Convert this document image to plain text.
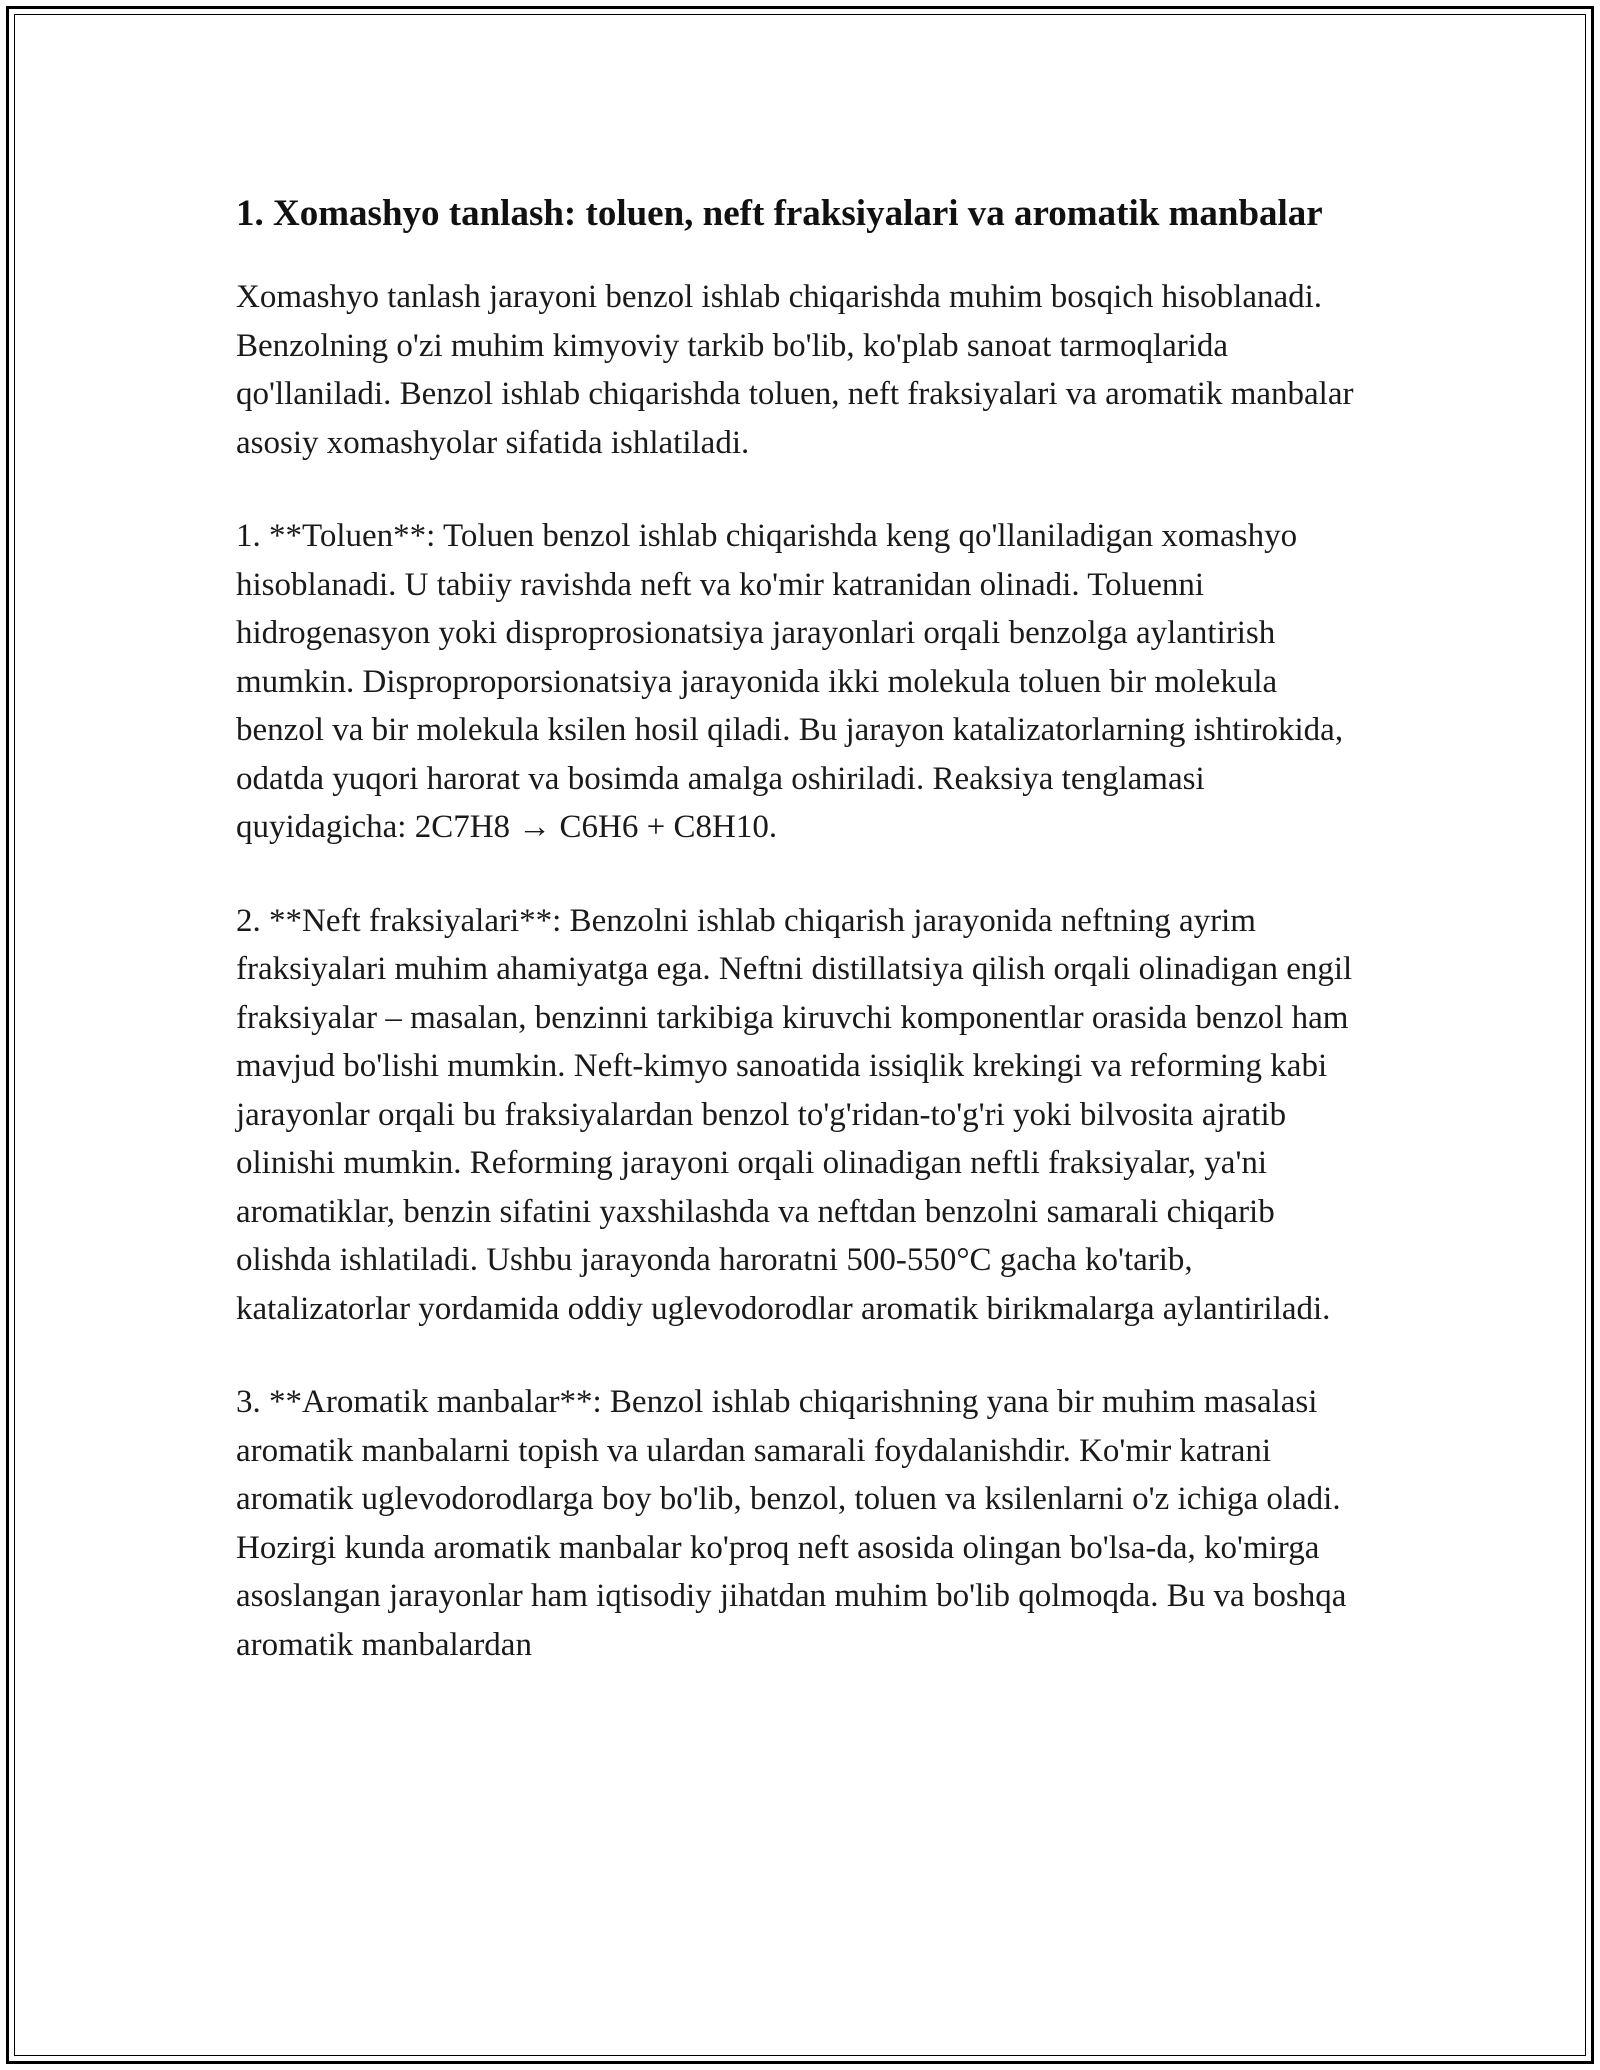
1. Xomashyo tanlash: toluen, neft fraksiyalari va aromatik manbalar

Xomashyo tanlash jarayoni benzol ishlab chiqarishda muhim bosqich hisoblanadi. Benzolning o'zi muhim kimyoviy tarkib bo'lib, ko'plab sanoat tarmoqlarida qo'llaniladi. Benzol ishlab chiqarishda toluen, neft fraksiyalari va aromatik manbalar asosiy xomashyolar sifatida ishlatiladi.

1. **Toluen**: Toluen benzol ishlab chiqarishda keng qo'llaniladigan xomashyo hisoblanadi. U tabiiy ravishda neft va ko'mir katranidan olinadi. Toluenni hidrogenasyon yoki disproprosionatsiya jarayonlari orqali benzolga aylantirish mumkin. Disproproporsionatsiya jarayonida ikki molekula toluen bir molekula benzol va bir molekula ksilen hosil qiladi. Bu jarayon katalizatorlarning ishtirokida, odatda yuqori harorat va bosimda amalga oshiriladi. Reaksiya tenglamasi quyidagicha: 2C7H8 → C6H6 + C8H10.

2. **Neft fraksiyalari**: Benzolni ishlab chiqarish jarayonida neftning ayrim fraksiyalari muhim ahamiyatga ega. Neftni distillatsiya qilish orqali olinadigan engil fraksiyalar – masalan, benzinni tarkibiga kiruvchi komponentlar orasida benzol ham mavjud bo'lishi mumkin. Neft-kimyo sanoatida issiqlik krekingi va reforming kabi jarayonlar orqali bu fraksiyalardan benzol to'g'ridan-to'g'ri yoki bilvosita ajratib olinishi mumkin. Reforming jarayoni orqali olinadigan neftli fraksiyalar, ya'ni aromatiklar, benzin sifatini yaxshilashda va neftdan benzolni samarali chiqarib olishda ishlatiladi. Ushbu jarayonda haroratni 500-550°C gacha ko'tarib, katalizatorlar yordamida oddiy uglevodorodlar aromatik birikmalarga aylantiriladi.

3. **Aromatik manbalar**: Benzol ishlab chiqarishning yana bir muhim masalasi aromatik manbalarni topish va ulardan samarali foydalanishdir. Ko'mir katrani aromatik uglevodorodlarga boy bo'lib, benzol, toluen va ksilenlarni o'z ichiga oladi. Hozirgi kunda aromatik manbalar ko'proq neft asosida olingan bo'lsa-da, ko'mirga asoslangan jarayonlar ham iqtisodiy jihatdan muhim bo'lib qolmoqda. Bu va boshqa aromatik manbalardan
